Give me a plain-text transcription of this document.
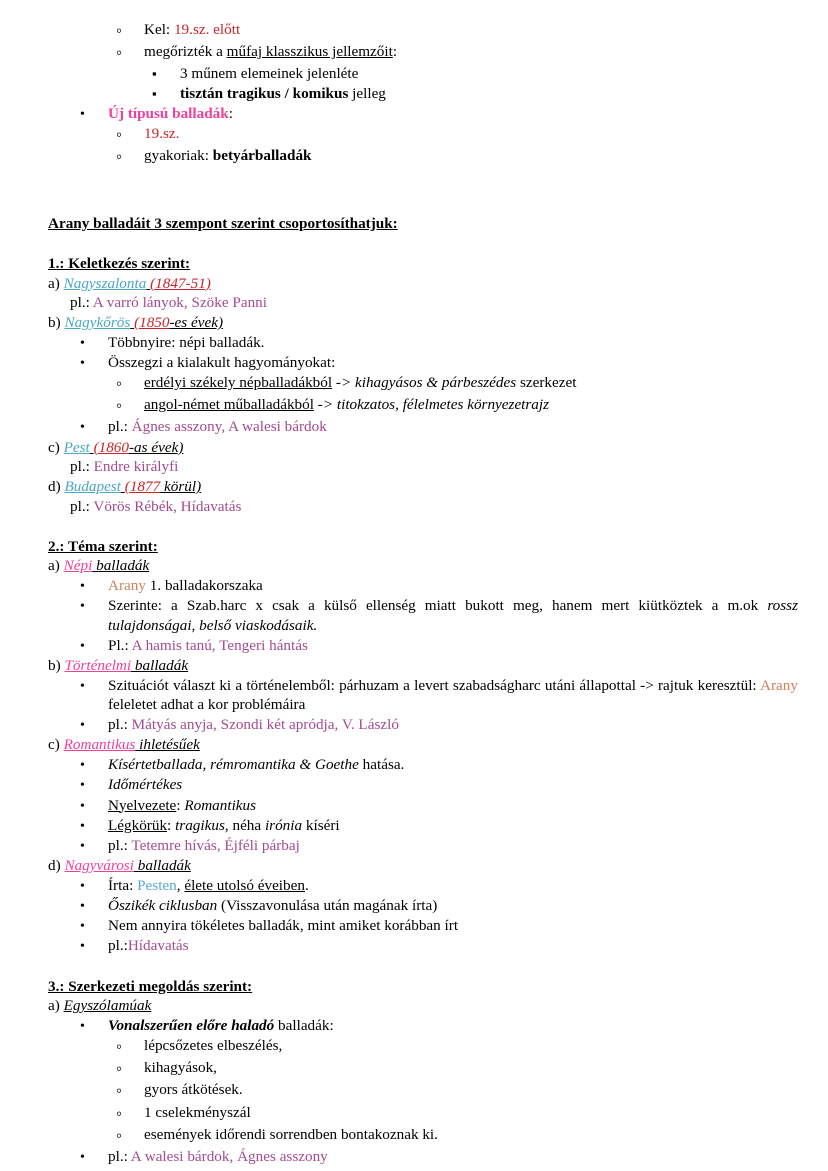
◦
Kel: 19.sz. előtt
◦
megőrizték a műfaj klasszikus jellemzőit:
▪
3 műnem elemeinek jelenléte
▪
tisztán tragikus / komikus jelleg
•
Új típusú balladák:
◦
19.sz.
◦
gyakoriak: betyárballadák

Arany balladáit 3 szempont szerint csoportosíthatjuk:

1.: Keletkezés szerint:

a) Nagyszalonta (1847-51)

pl.: A varró lányok, Szöke Panni

b) Nagykőrös (1850-es évek)

•
Többnyire: népi balladák.
•
Összegzi a kialakult hagyományokat:
◦
erdélyi székely népballadákból -> kihagyásos & párbeszédes szerkezet
◦
angol-német műballadákból -> titokzatos, félelmetes környezetrajz
•
pl.: Ágnes asszony, A walesi bárdok

c) Pest (1860-as évek)

pl.: Endre királyfi

d) Budapest (1877 körül)

pl.: Vörös Rébék, Hídavatás

2.: Téma szerint:

a) Népi balladák

•
Arany 1. balladakorszaka
•
Szerinte: a Szab.harc x csak a külső ellenség miatt bukott meg, hanem mert kiütköztek a m.ok rossz tulajdonságai, belső viaskodásaik.
•
Pl.: A hamis tanú, Tengeri hántás

b) Történelmi balladák

•
Szituációt választ ki a történelemből: párhuzam a levert szabadságharc utáni állapottal -> rajtuk keresztül: Arany feleletet adhat a kor problémáira
•
pl.: Mátyás anyja, Szondi két apródja, V. László

c) Romantikus ihletésűek

•
Kísértetballada, rémromantika & Goethe hatása.
•
Időmértékes
•
Nyelvezete: Romantikus
•
Légkörük: tragikus, néha irónia kíséri
•
pl.: Tetemre hívás, Éjféli párbaj

d) Nagyvárosi balladák

•
Írta: Pesten, élete utolsó éveiben.
•
Őszikék ciklusban (Visszavonulása után magának írta)
•
Nem annyira tökéletes balladák, mint amiket korábban írt
•
pl.:Hídavatás

3.: Szerkezeti megoldás szerint:

a) Egyszólamúak

•
Vonalszerűen előre haladó balladák:
◦
lépcsőzetes elbeszélés,
◦
kihagyások,
◦
gyors átkötések.
◦
1 cselekményszál
◦
események időrendi sorrendben bontakoznak ki.
•
pl.: A walesi bárdok, Ágnes asszony
